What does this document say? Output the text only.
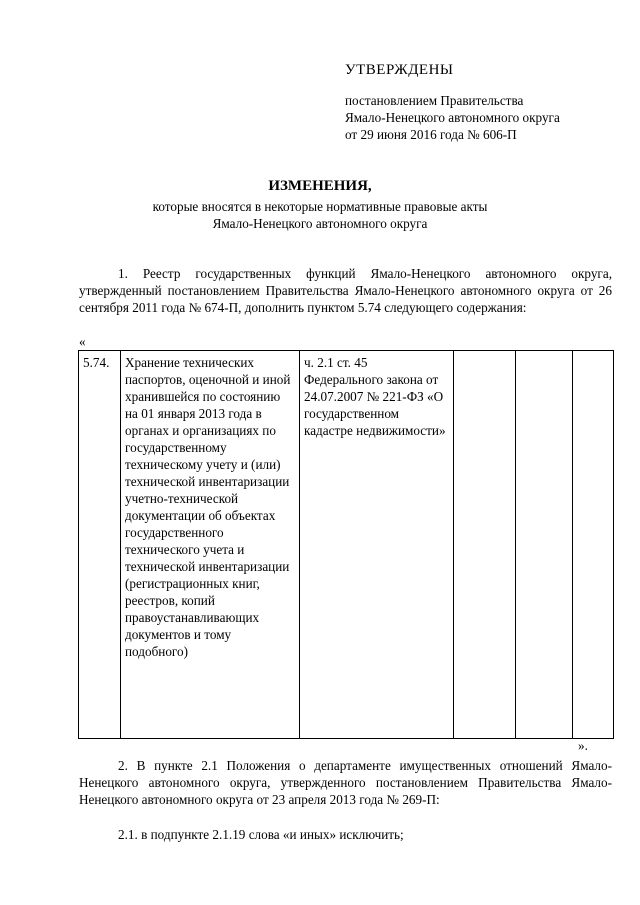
УТВЕРЖДЕНЫ
постановлением Правительства
Ямало-Ненецкого автономного округа
от 29 июня 2016 года № 606-П
ИЗМЕНЕНИЯ,
которые вносятся в некоторые нормативные правовые акты
Ямало-Ненецкого автономного округа
1. Реестр государственных функций Ямало-Ненецкого автономного округа, утвержденный постановлением Правительства Ямало-Ненецкого автономного округа от 26 сентября 2011 года № 674-П, дополнить пунктом 5.74 следующего содержания:
«
5.74.	Хранение технических паспортов, оценочной и иной хранившейся по состоянию на 01 января 2013 года в органах и организациях по государственному техническому учету и (или) технической инвентаризации учетно-технической документации об объектах государственного технического учета и технической инвентаризации (регистрационных книг, реестров, копий правоустанавливающих документов и тому подобного)	ч. 2.1 ст. 45 Федерального закона от 24.07.2007 № 221-ФЗ «О государственном кадастре недвижимости»			
».
2. В пункте 2.1 Положения о департаменте имущественных отношений Ямало-Ненецкого автономного округа, утвержденного постановлением Правительства Ямало-Ненецкого автономного округа от 23 апреля 2013 года № 269-П:
2.1. в подпункте 2.1.19 слова «и иных» исключить;
